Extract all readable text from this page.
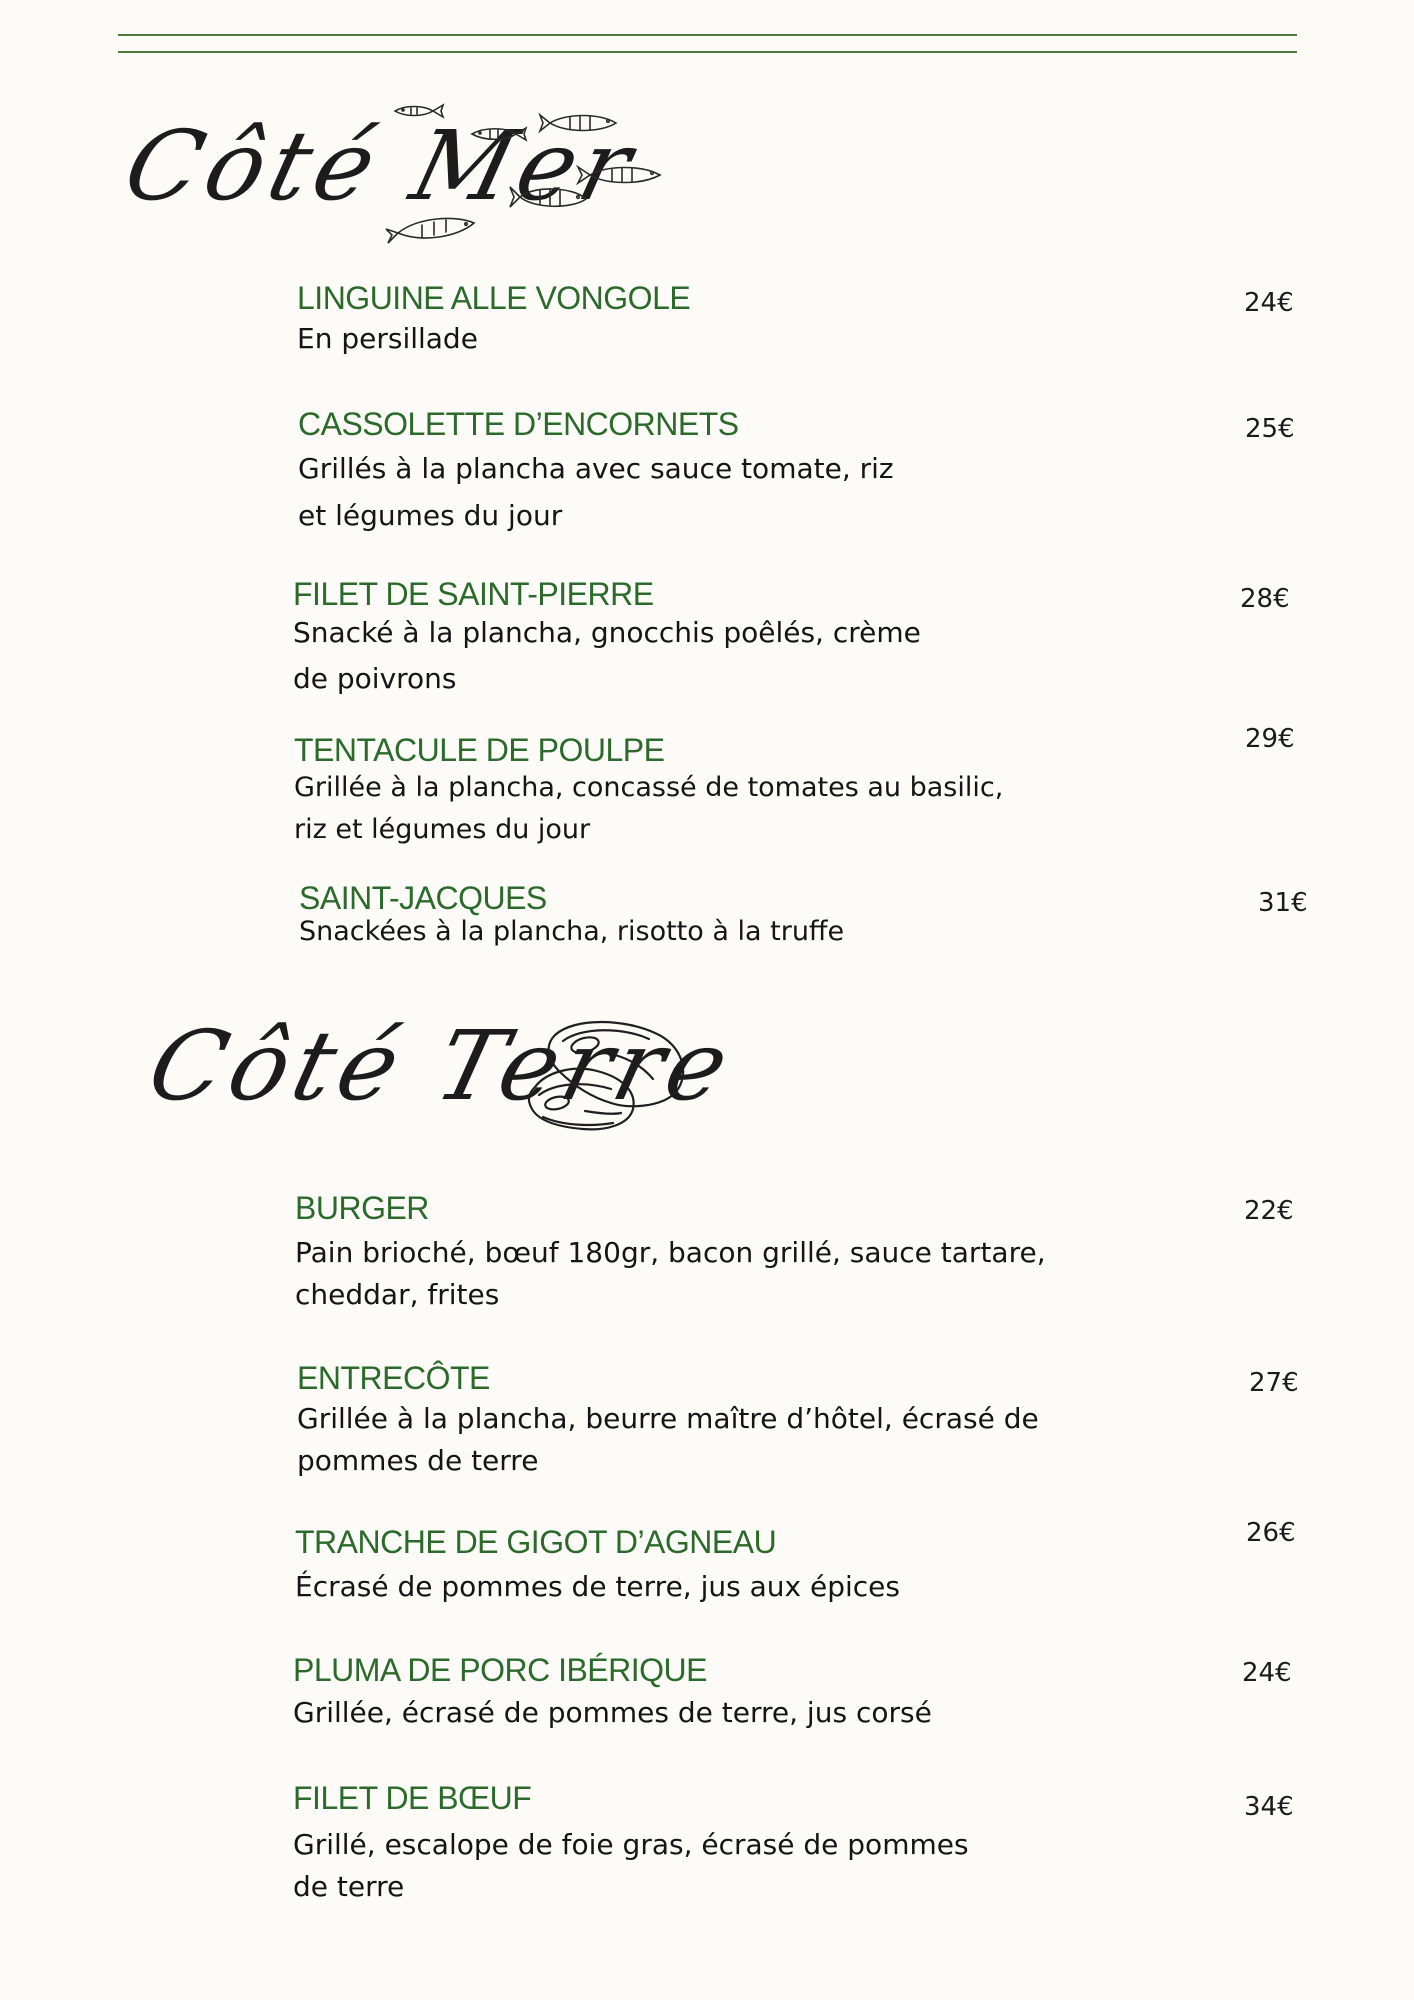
Côté Mer
LINGUINE ALLE VONGOLE
En persillade
24€
CASSOLETTE D’ENCORNETS
Grillés à la plancha avec sauce tomate, riz
et légumes du jour
25€
FILET DE SAINT-PIERRE
Snacké à la plancha, gnocchis poêlés, crème
de poivrons
28€
TENTACULE DE POULPE
Grillée à la plancha, concassé de tomates au basilic,
riz et légumes du jour
29€
SAINT-JACQUES
Snackées à la plancha, risotto à la truffe
31€
Côté Terre
BURGER
Pain brioché, bœuf 180gr, bacon grillé, sauce tartare,
cheddar, frites
22€
ENTRECÔTE
Grillée à la plancha, beurre maître d’hôtel, écrasé de
pommes de terre
27€
TRANCHE DE GIGOT D’AGNEAU
Écrasé de pommes de terre, jus aux épices
26€
PLUMA DE PORC IBÉRIQUE
Grillée, écrasé de pommes de terre, jus corsé
24€
FILET DE BŒUF
Grillé, escalope de foie gras, écrasé de pommes
de terre
34€
